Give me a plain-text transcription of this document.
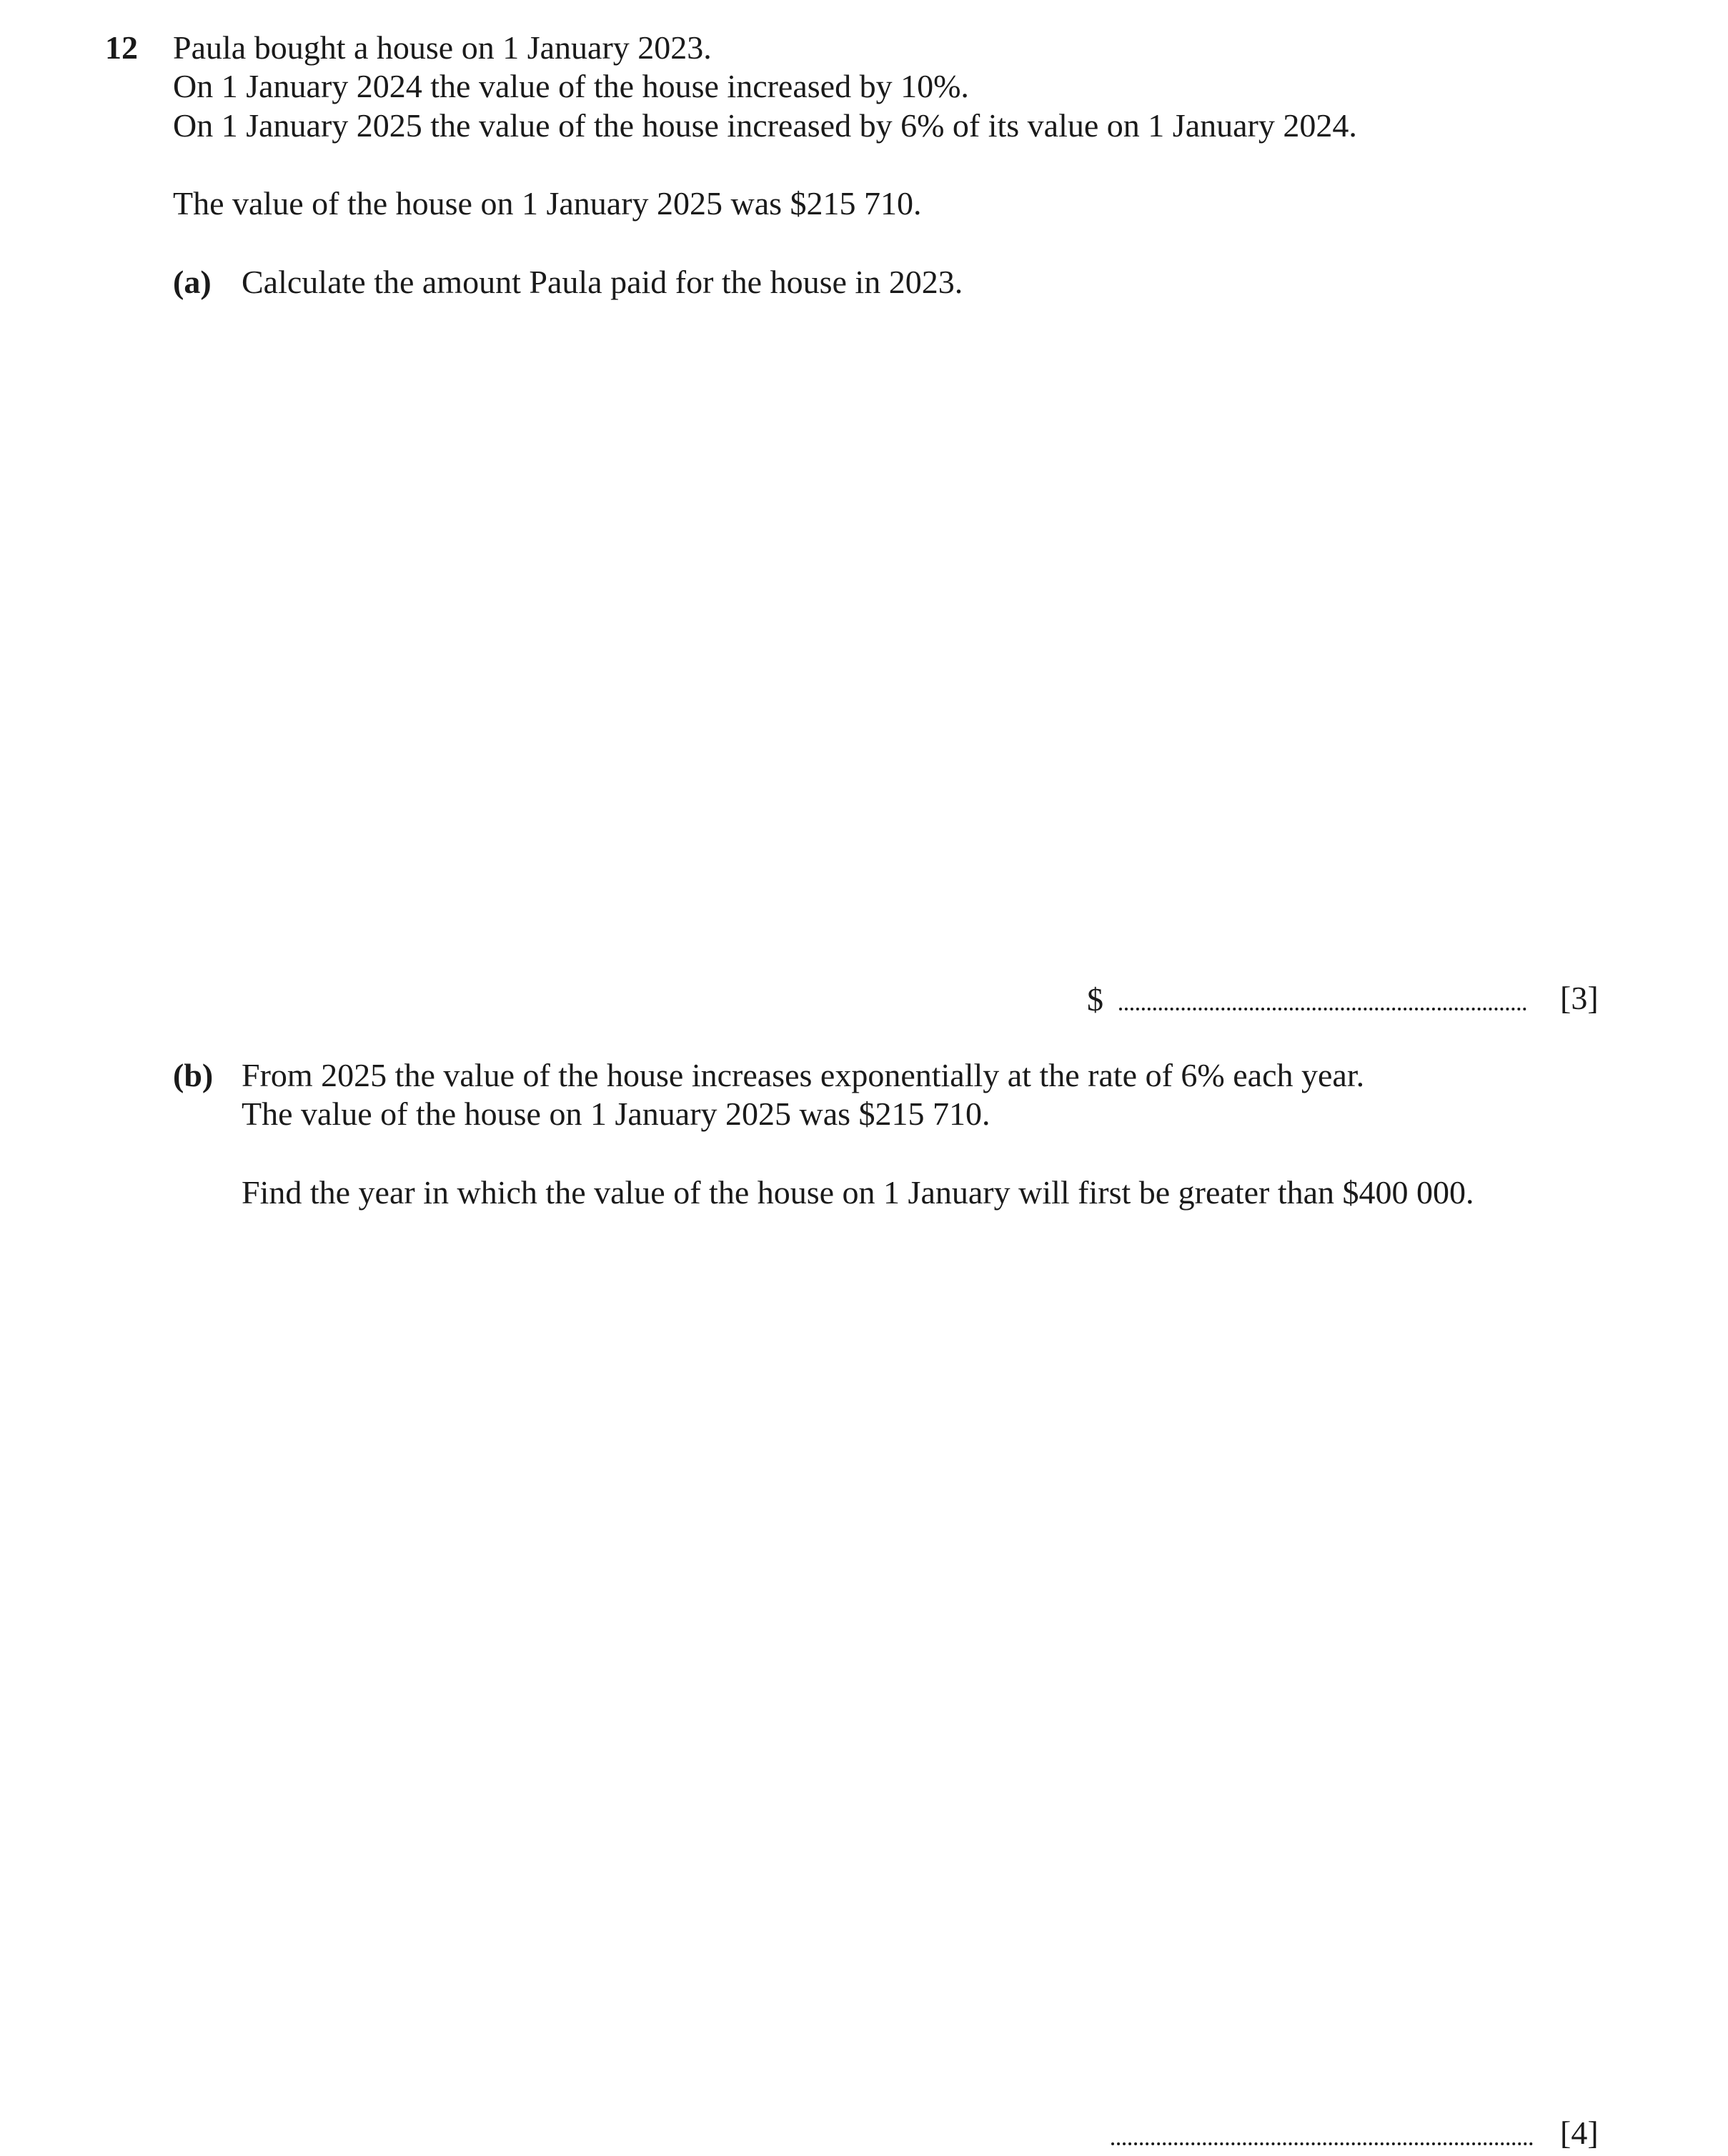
12 Paula bought a house on 1 January 2023.
On 1 January 2024 the value of the house increased by 10%.
On 1 January 2025 the value of the house increased by 6% of its value on 1 January 2024.
The value of the house on 1 January 2025 was $215 710.
(a) Calculate the amount Paula paid for the house in 2023.
$	[3]
(b) From 2025 the value of the house increases exponentially at the rate of 6% each year.
The value of the house on 1 January 2025 was $215 710.
Find the year in which the value of the house on 1 January will first be greater than $400 000.
[4]
